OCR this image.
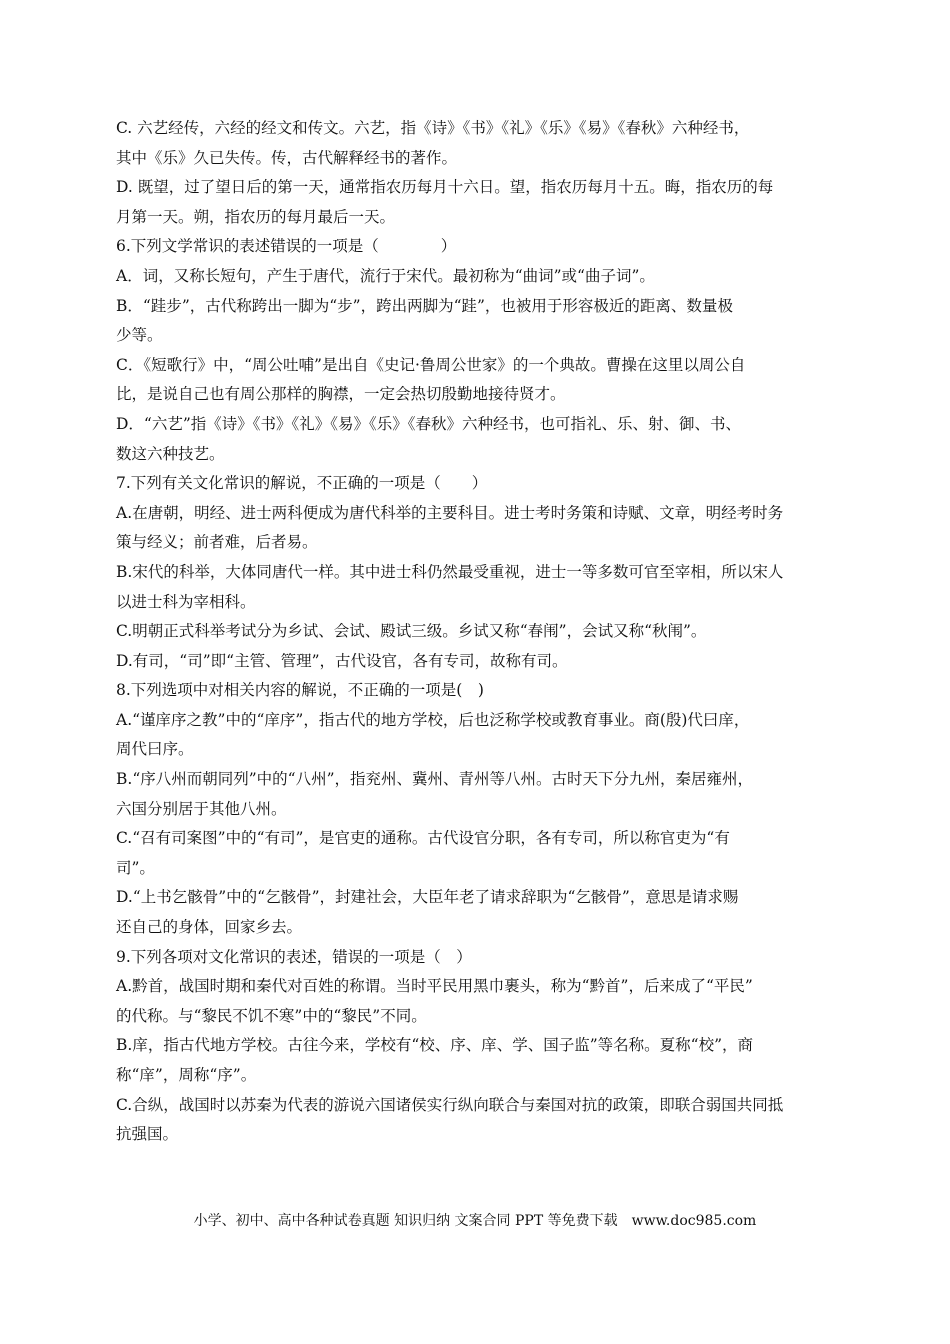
C. 六艺经传，六经的经文和传文。六艺，指《诗》《书》《礼》《乐》《易》《春秋》六种经书，
其中《乐》久已失传。传，古代解释经书的著作。
D. 既望，过了望日后的第一天，通常指农历每月十六日。望，指农历每月十五。晦，指农历的每
月第一天。朔，指农历的每月最后一天。
6.下列文学常识的表述错误的一项是（　　　　）
A．词，又称长短句，产生于唐代，流行于宋代。最初称为“曲词”或“曲子词”。
B．“跬步”，古代称跨出一脚为“步”，跨出两脚为“跬”，也被用于形容极近的距离、数量极
少等。
C．《短歌行》中，“周公吐哺”是出自《史记·鲁周公世家》的一个典故。曹操在这里以周公自
比，是说自己也有周公那样的胸襟，一定会热切殷勤地接待贤才。
D．“六艺”指《诗》《书》《礼》《易》《乐》《春秋》六种经书，也可指礼、乐、射、御、书、
数这六种技艺。
7.下列有关文化常识的解说，不正确的一项是（　　）
A.在唐朝，明经、进士两科便成为唐代科举的主要科目。进士考时务策和诗赋、文章，明经考时务
策与经义；前者难，后者易。
B.宋代的科举，大体同唐代一样。其中进士科仍然最受重视，进士一等多数可官至宰相，所以宋人
以进士科为宰相科。
C.明朝正式科举考试分为乡试、会试、殿试三级。乡试又称“春闱”，会试又称“秋闱”。
D.有司，“司”即“主管、管理”，古代设官，各有专司，故称有司。
8.下列选项中对相关内容的解说，不正确的一项是(　)
A.“谨庠序之教”中的“庠序”，指古代的地方学校，后也泛称学校或教育事业。商(殷)代曰庠，
周代曰序。
B.“序八州而朝同列”中的“八州”，指兖州、冀州、青州等八州。古时天下分九州，秦居雍州，
六国分别居于其他八州。
C.“召有司案图”中的“有司”，是官吏的通称。古代设官分职，各有专司，所以称官吏为“有
司”。
D.“上书乞骸骨”中的“乞骸骨”，封建社会，大臣年老了请求辞职为“乞骸骨”，意思是请求赐
还自己的身体，回家乡去。
9.下列各项对文化常识的表述，错误的一项是（　）
A.黔首，战国时期和秦代对百姓的称谓。当时平民用黑巾裹头，称为“黔首”，后来成了“平民”
的代称。与“黎民不饥不寒”中的“黎民”不同。
B.庠，指古代地方学校。古往今来，学校有“校、序、庠、学、国子监”等名称。夏称“校”，商
称“庠”，周称“序”。
C.合纵，战国时以苏秦为代表的游说六国诸侯实行纵向联合与秦国对抗的政策，即联合弱国共同抵
抗强国。
小学、初中、高中各种试卷真题 知识归纳 文案合同 PPT 等免费下载　www.doc985.com
